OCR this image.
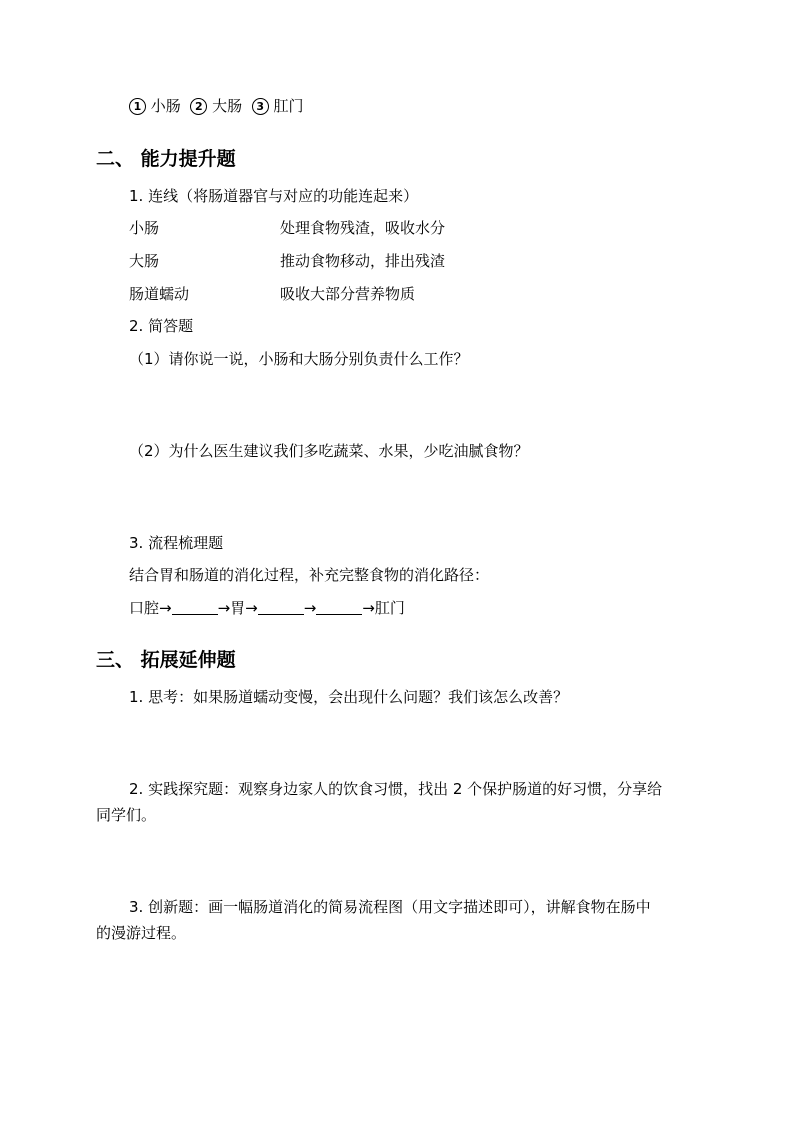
1 小肠 2 大肠 3 肛门
二、 能力提升题
1. 连线（将肠道器官与对应的功能连起来）
小肠	处理食物残渣，吸收水分
大肠	推动食物移动，排出残渣
肠道蠕动	吸收大部分营养物质
2. 简答题
（1）请你说一说，小肠和大肠分别负责什么工作？
（2）为什么医生建议我们多吃蔬菜、水果，少吃油腻食物？
3. 流程梳理题
结合胃和肠道的消化过程，补充完整食物的消化路径：
口腔→	→胃→	→	→肛门
三、 拓展延伸题
1. 思考：如果肠道蠕动变慢，会出现什么问题？我们该怎么改善？
2. 实践探究题：观察身边家人的饮食习惯，找出 2 个保护肠道的好习惯，分享给
同学们。
3. 创新题：画一幅肠道消化的简易流程图（用文字描述即可），讲解食物在肠中
的漫游过程。
